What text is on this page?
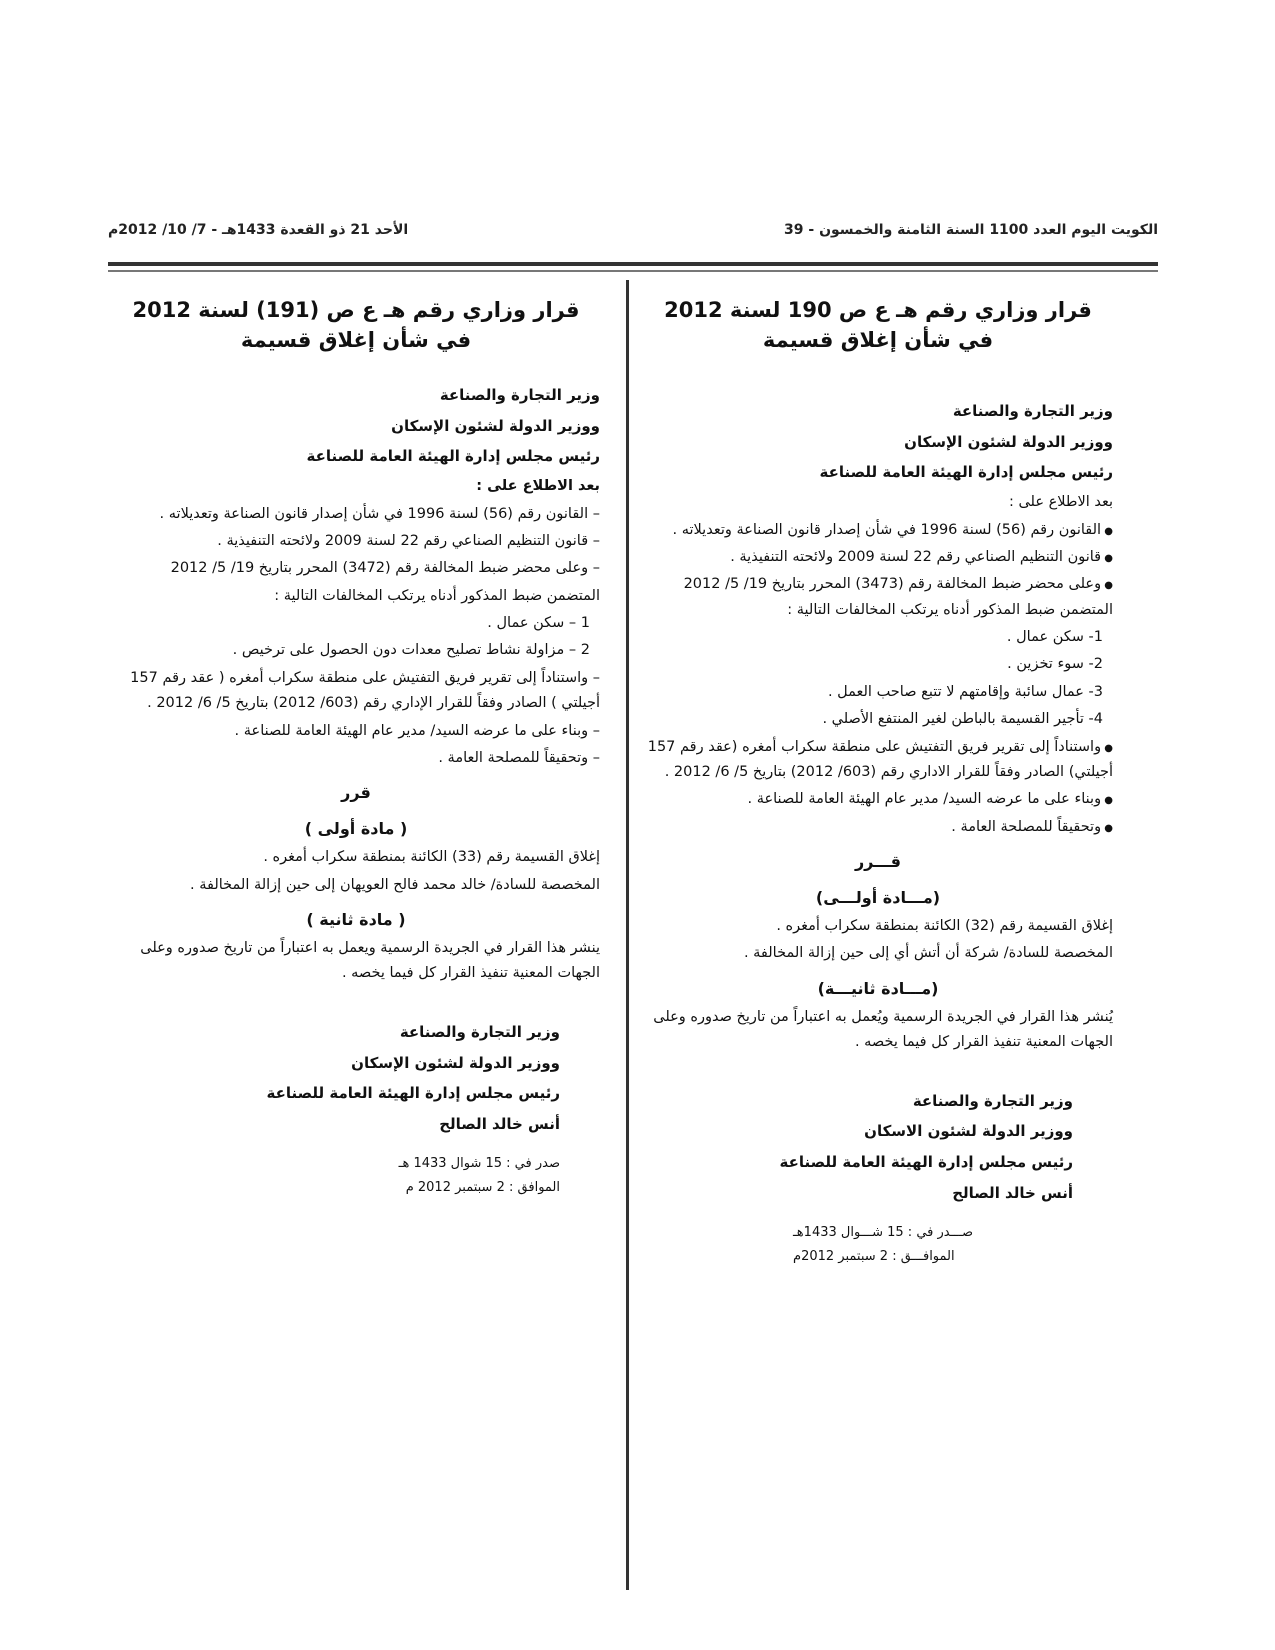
الكويت اليوم العدد 1100 السنة الثامنة والخمسون - 39
الأحد 21 ذو القعدة 1433هـ - 7/ 10/ 2012م
قرار وزاري رقم هـ ع ص 190 لسنة 2012
في شأن إغلاق قسيمة
وزير التجارة والصناعة
ووزير الدولة لشئون الإسكان
رئيس مجلس إدارة الهيئة العامة للصناعة
بعد الاطلاع على :
● القانون رقم (56) لسنة 1996 في شأن إصدار قانون الصناعة وتعديلاته .
● قانون التنظيم الصناعي رقم 22 لسنة 2009 ولائحته التنفيذية .
● وعلى محضر ضبط المخالفة رقم (3473) المحرر بتاريخ 19/ 5/ 2012 المتضمن ضبط المذكور أدناه يرتكب المخالفات التالية :
1- سكن عمال .
2- سوء تخزين .
3- عمال سائبة وإقامتهم لا تتبع صاحب العمل .
4- تأجير القسيمة بالباطن لغير المنتفع الأصلي .
● واستناداً إلى تقرير فريق التفتيش على منطقة سكراب أمغره (عقد رقم 157 أجيلتي) الصادر وفقاً للقرار الاداري رقم (603/ 2012) بتاريخ 5/ 6/ 2012 .
● وبناء على ما عرضه السيد/ مدير عام الهيئة العامة للصناعة .
● وتحقيقاً للمصلحة العامة .
قـــرر
(مـــادة أولـــى)
إغلاق القسيمة رقم (32) الكائنة بمنطقة سكراب أمغره .
المخصصة للسادة/ شركة أن أتش أي إلى حين إزالة المخالفة .
(مـــادة ثانيـــة)
يُنشر هذا القرار في الجريدة الرسمية ويُعمل به اعتباراً من تاريخ صدوره وعلى الجهات المعنية تنفيذ القرار كل فيما يخصه .
وزير التجارة والصناعة
ووزير الدولة لشئون الاسكان
رئيس مجلس إدارة الهيئة العامة للصناعة
أنس خالد الصالح
صـــدر في : 15 شـــوال 1433هـ
الموافـــق : 2 سبتمبر 2012م
قرار وزاري رقم هـ ع ص (191) لسنة 2012
في شأن إغلاق قسيمة
وزير التجارة والصناعة
ووزير الدولة لشئون الإسكان
رئيس مجلس إدارة الهيئة العامة للصناعة
بعد الاطلاع على :
– القانون رقم (56) لسنة 1996 في شأن إصدار قانون الصناعة وتعديلاته .
– قانون التنظيم الصناعي رقم 22 لسنة 2009 ولائحته التنفيذية .
– وعلى محضر ضبط المخالفة رقم (3472) المحرر بتاريخ 19/ 5/ 2012
المتضمن ضبط المذكور أدناه يرتكب المخالفات التالية :
1 – سكن عمال .
2 – مزاولة نشاط تصليح معدات دون الحصول على ترخيص .
– واستناداً إلى تقرير فريق التفتيش على منطقة سكراب أمغره ( عقد رقم 157 أجيلتي ) الصادر وفقاً للقرار الإداري رقم (603/ 2012) بتاريخ 5/ 6/ 2012 .
– وبناء على ما عرضه السيد/ مدير عام الهيئة العامة للصناعة .
– وتحقيقاً للمصلحة العامة .
قرر
( مادة أولى )
إغلاق القسيمة رقم (33) الكائنة بمنطقة سكراب أمغره .
المخصصة للسادة/ خالد محمد فالح العويهان إلى حين إزالة المخالفة .
( مادة ثانية )
ينشر هذا القرار في الجريدة الرسمية ويعمل به اعتباراً من تاريخ صدوره وعلى الجهات المعنية تنفيذ القرار كل فيما يخصه .
وزير التجارة والصناعة
ووزير الدولة لشئون الإسكان
رئيس مجلس إدارة الهيئة العامة للصناعة
أنس خالد الصالح
صدر في : 15 شوال 1433 هـ
الموافق : 2 سبتمبر 2012 م
